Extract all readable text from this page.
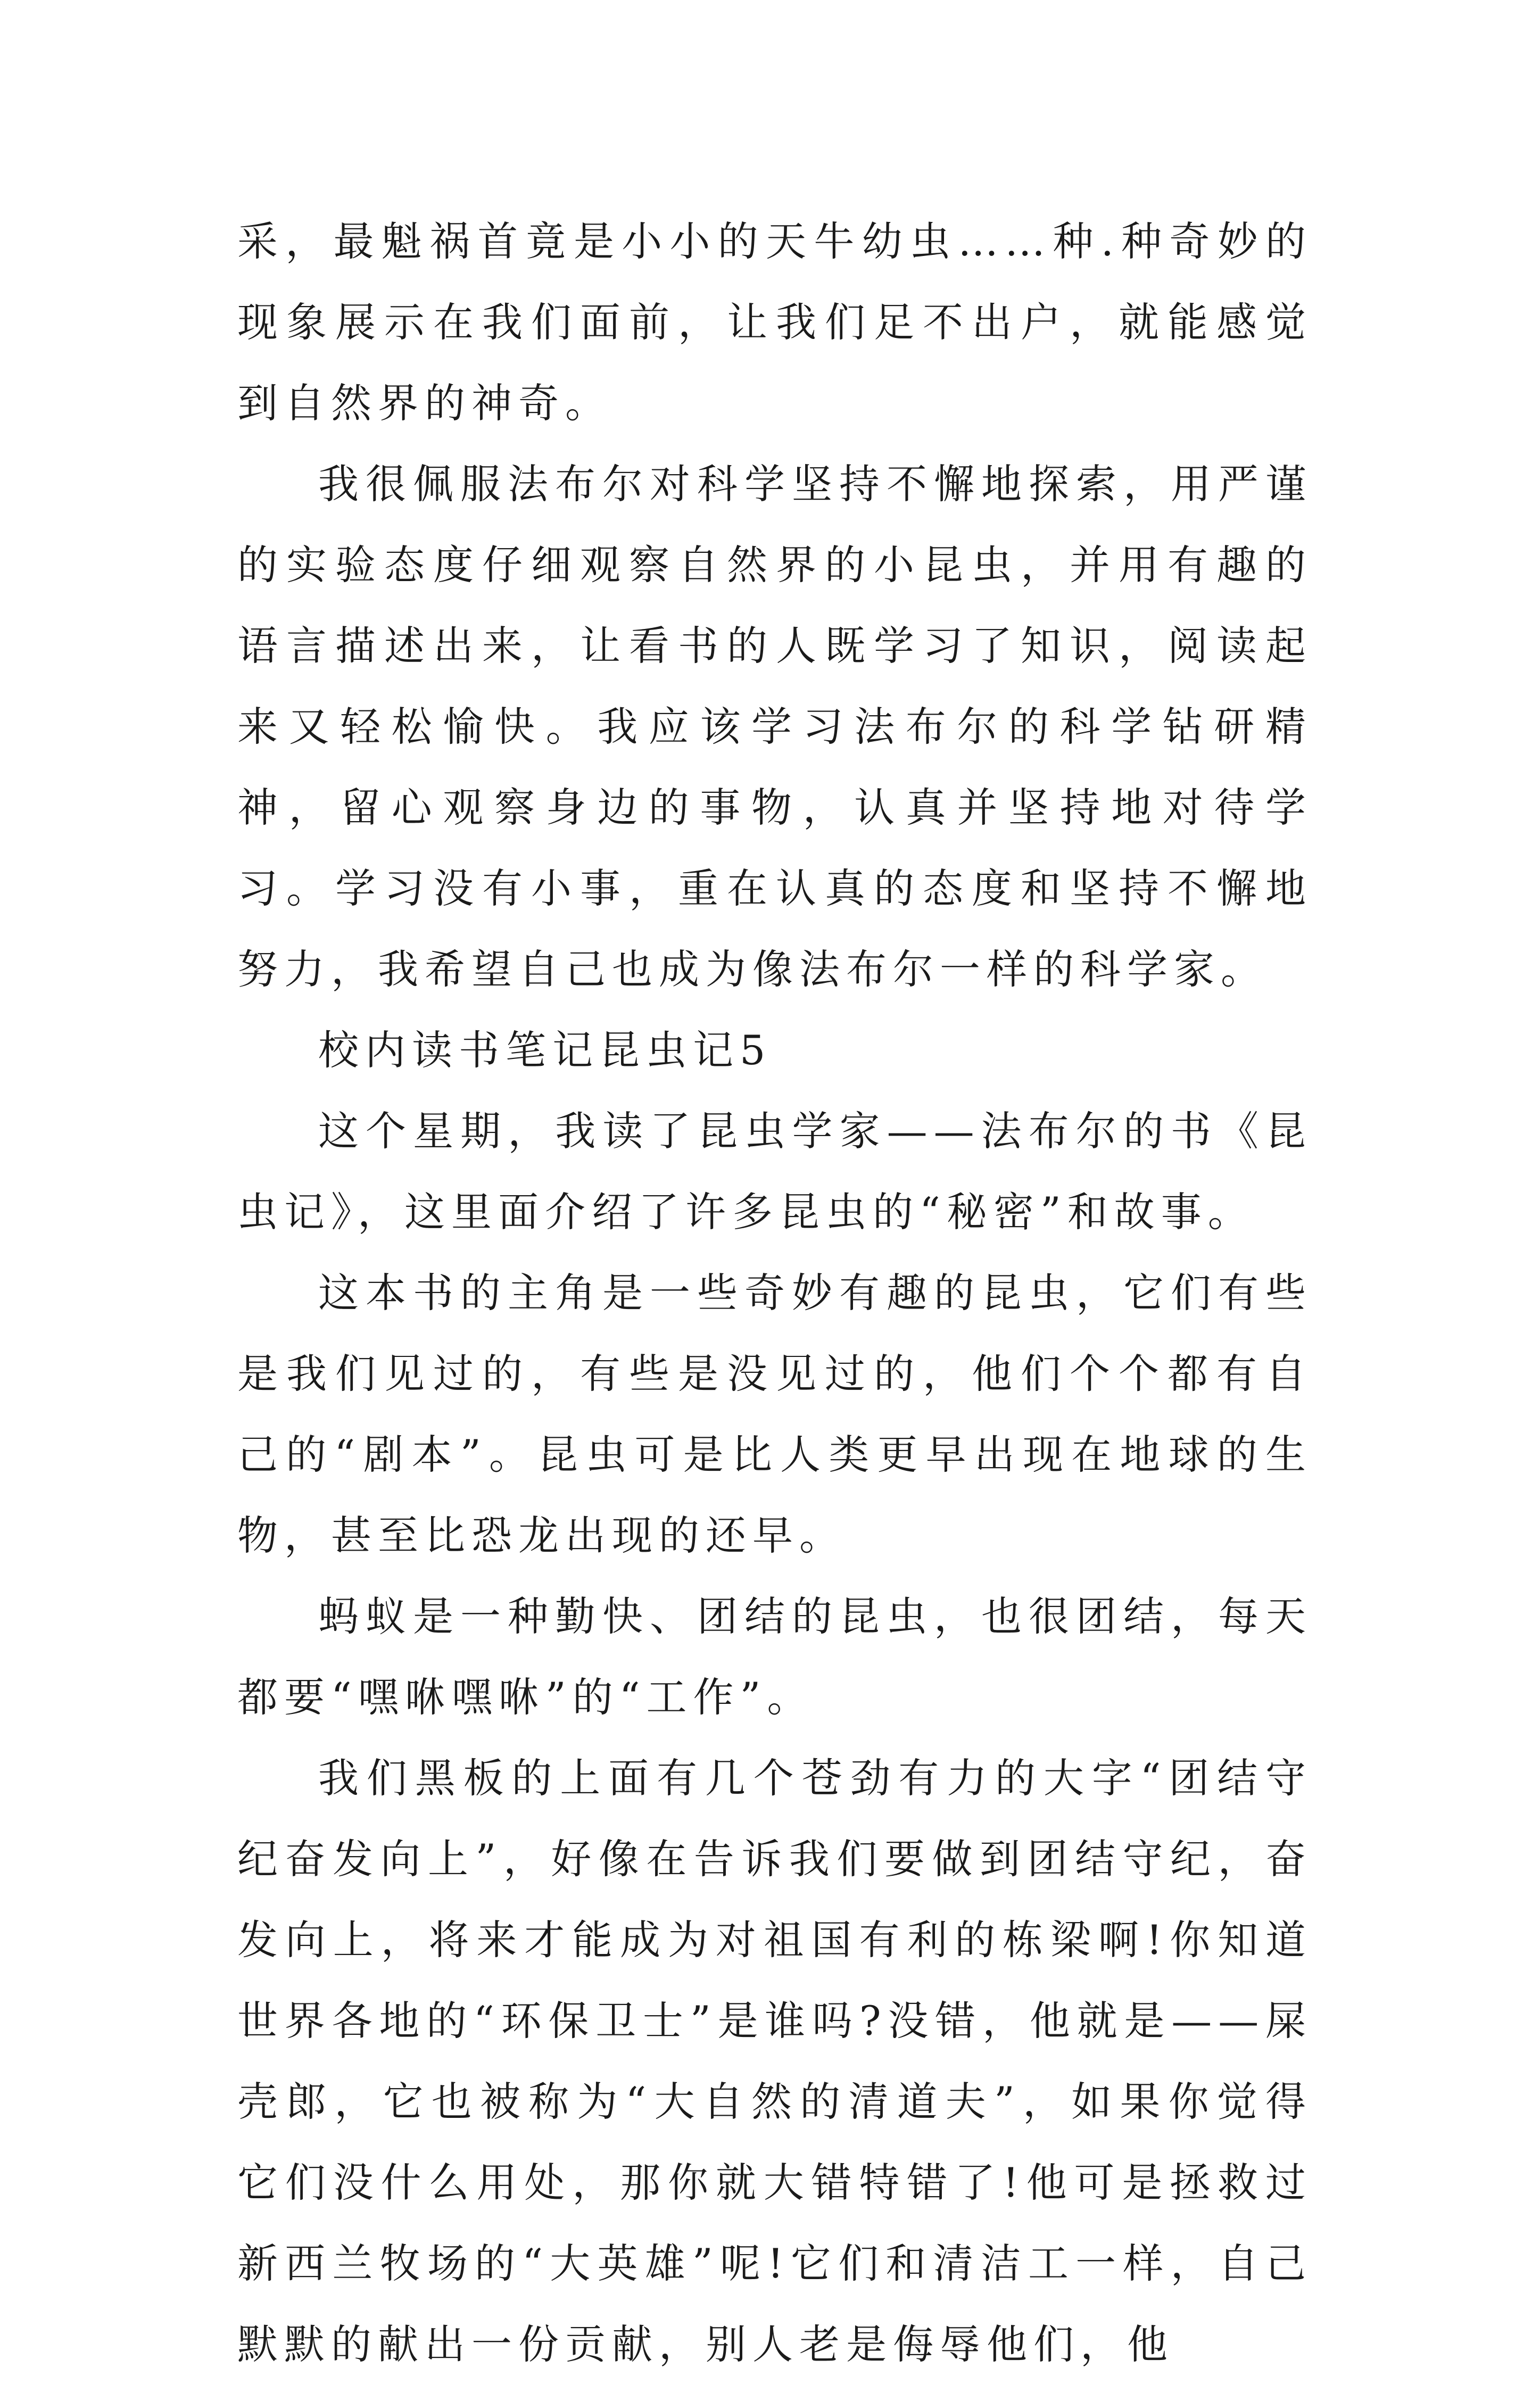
采，最魁祸首竟是小小的天牛幼虫……种.种奇妙的现象展示在我们面前，让我们足不出户，就能感觉到自然界的神奇。

我很佩服法布尔对科学坚持不懈地探索，用严谨的实验态度仔细观察自然界的小昆虫，并用有趣的语言描述出来，让看书的人既学习了知识，阅读起来又轻松愉快。我应该学习法布尔的科学钻研精神，留心观察身边的事物，认真并坚持地对待学习。学习没有小事，重在认真的态度和坚持不懈地努力，我希望自己也成为像法布尔一样的科学家。

校内读书笔记昆虫记5

这个星期，我读了昆虫学家——法布尔的书《昆虫记》，这里面介绍了许多昆虫的“秘密”和故事。

这本书的主角是一些奇妙有趣的昆虫，它们有些是我们见过的，有些是没见过的，他们个个都有自己的“剧本”。昆虫可是比人类更早出现在地球的生物，甚至比恐龙出现的还早。

蚂蚁是一种勤快、团结的昆虫，也很团结，每天都要“嘿咻嘿咻”的“工作”。

我们黑板的上面有几个苍劲有力的大字“团结守纪奋发向上”，好像在告诉我们要做到团结守纪，奋发向上，将来才能成为对祖国有利的栋梁啊!你知道世界各地的“环保卫士”是谁吗?没错，他就是——屎壳郎，它也被称为“大自然的清道夫”，如果你觉得它们没什么用处，那你就大错特错了!他可是拯救过新西兰牧场的“大英雄”呢!它们和清洁工一样，自己默默的献出一份贡献，别人老是侮辱他们，他
